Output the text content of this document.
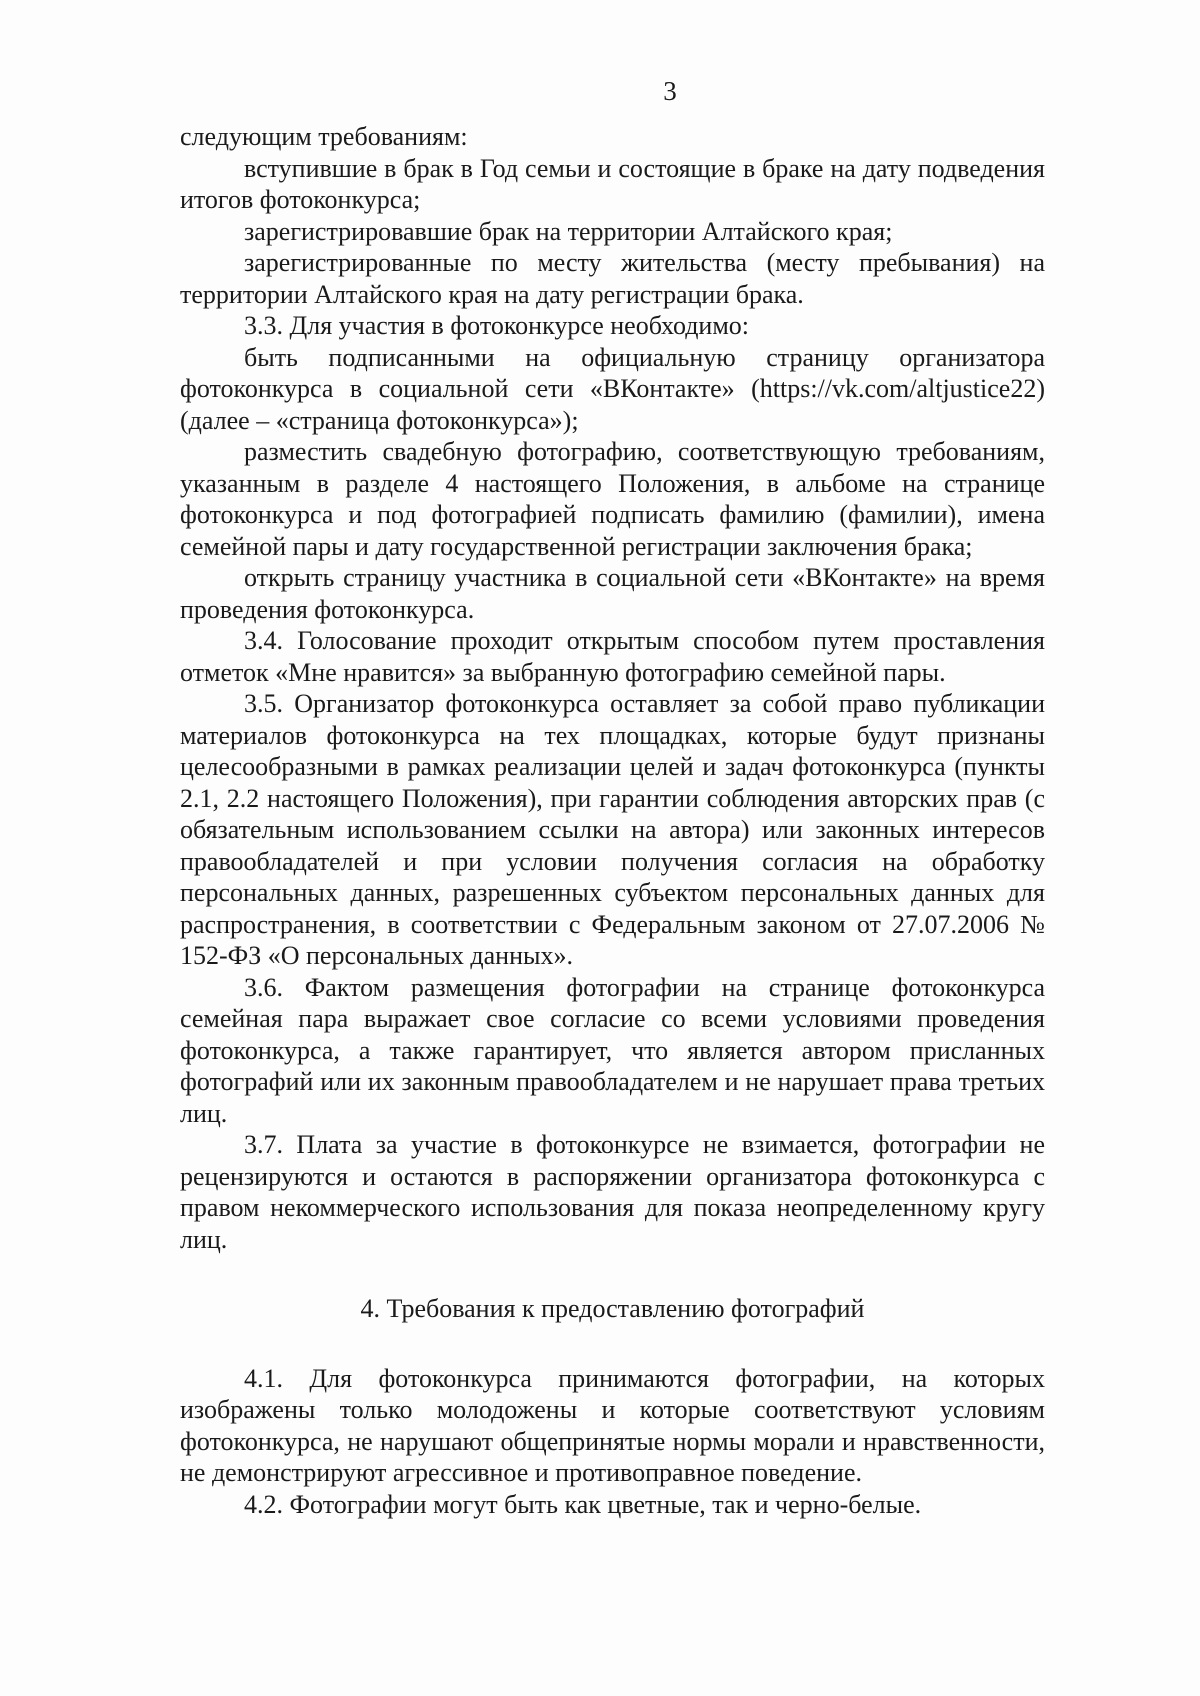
3

следующим требованиям:

вступившие в брак в Год семьи и состоящие в браке на дату подведения итогов фотоконкурса;

зарегистрировавшие брак на территории Алтайского края;

зарегистрированные по месту жительства (месту пребывания) на территории Алтайского края на дату регистрации брака.

3.3. Для участия в фотоконкурсе необходимо:

быть подписанными на официальную страницу организатора фотоконкурса в социальной сети «ВКонтакте» (https://vk.com/altjustice22) (далее – «страница фотоконкурса»);

разместить свадебную фотографию, соответствующую требованиям, указанным в разделе 4 настоящего Положения, в альбоме на странице фотоконкурса и под фотографией подписать фамилию (фамилии), имена семейной пары и дату государственной регистрации заключения брака;

открыть страницу участника в социальной сети «ВКонтакте» на время проведения фотоконкурса.

3.4. Голосование проходит открытым способом путем проставления отметок «Мне нравится» за выбранную фотографию семейной пары.

3.5. Организатор фотоконкурса оставляет за собой право публикации материалов фотоконкурса на тех площадках, которые будут признаны целесообразными в рамках реализации целей и задач фотоконкурса (пункты 2.1, 2.2 настоящего Положения), при гарантии соблюдения авторских прав (с обязательным использованием ссылки на автора) или законных интересов правообладателей и при условии получения согласия на обработку персональных данных, разрешенных субъектом персональных данных для распространения, в соответствии с Федеральным законом от 27.07.2006 № 152-ФЗ «О персональных данных».

3.6. Фактом размещения фотографии на странице фотоконкурса семейная пара выражает свое согласие со всеми условиями проведения фотоконкурса, а также гарантирует, что является автором присланных фотографий или их законным правообладателем и не нарушает права третьих лиц.

3.7. Плата за участие в фотоконкурсе не взимается, фотографии не рецензируются и остаются в распоряжении организатора фотоконкурса с правом некоммерческого использования для показа неопределенному кругу лиц.

4. Требования к предоставлению фотографий

4.1. Для фотоконкурса принимаются фотографии, на которых изображены только молодожены и которые соответствуют условиям фотоконкурса, не нарушают общепринятые нормы морали и нравственности, не демонстрируют агрессивное и противоправное поведение.

4.2. Фотографии могут быть как цветные, так и черно-белые.
